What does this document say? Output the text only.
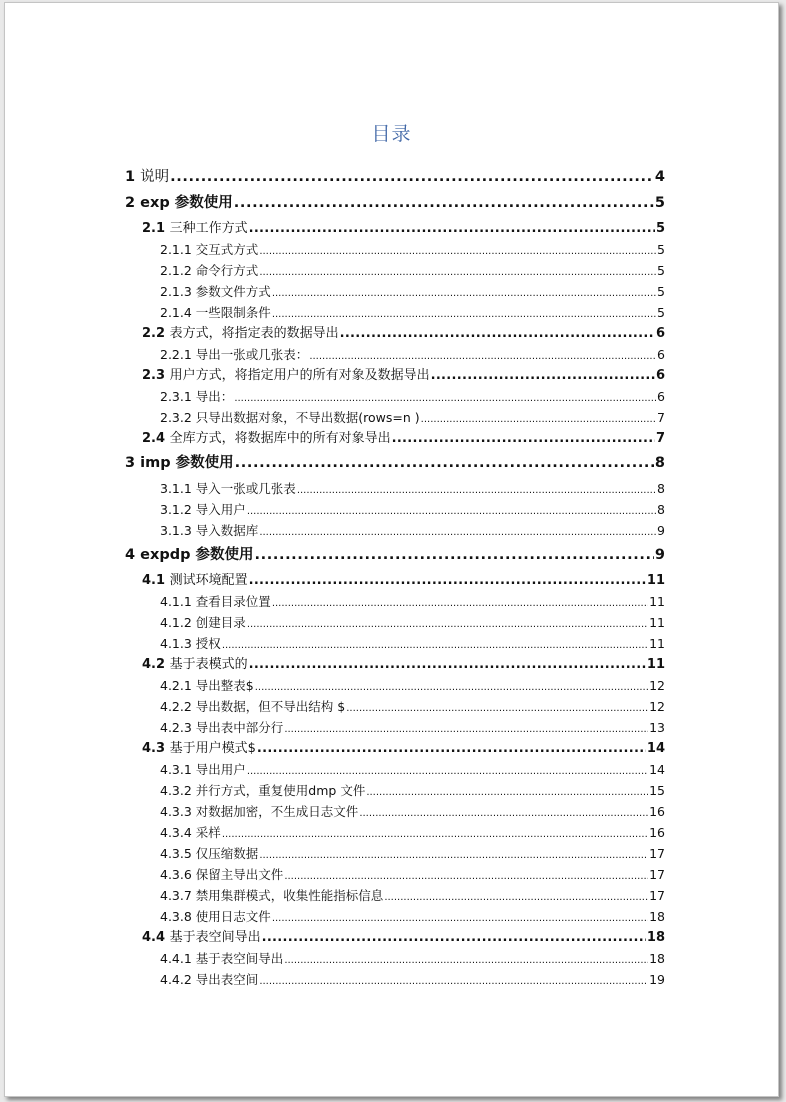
目录
1 说明 .....	4
2 exp 参数使用 .....	5
2.1 三种工作方式 .....	5
2.1.1 交互式方式 .....	5
2.1.2 命令行方式 .....	5
2.1.3 参数文件方式 .....	5
2.1.4 一些限制条件 .....	5
2.2 表方式，将指定表的数据导出 .....	6
2.2.1 导出一张或几张表： .....	6
2.3 用户方式，将指定用户的所有对象及数据导出 .....	6
2.3.1 导出： .....	6
2.3.2 只导出数据对象，不导出数据(rows=n ) .....	7
2.4 全库方式，将数据库中的所有对象导出 .....	7
3 imp 参数使用 .....	8
3.1.1 导入一张或几张表 .....	8
3.1.2 导入用户 .....	8
3.1.3 导入数据库 .....	9
4 expdp 参数使用 .....	9
4.1 测试环境配置 .....	11
4.1.1 查看目录位置 .....	11
4.1.2 创建目录 .....	11
4.1.3 授权 .....	11
4.2 基于表模式的 .....	11
4.2.1 导出整表$ .....	12
4.2.2 导出数据，但不导出结构 $ .....	12
4.2.3 导出表中部分行 .....	13
4.3 基于用户模式$ .....	14
4.3.1 导出用户 .....	14
4.3.2 并行方式，重复使用dmp 文件 .....	15
4.3.3 对数据加密，不生成日志文件 .....	16
4.3.4 采样 .....	16
4.3.5 仅压缩数据 .....	17
4.3.6 保留主导出文件 .....	17
4.3.7 禁用集群模式，收集性能指标信息 .....	17
4.3.8 使用日志文件 .....	18
4.4 基于表空间导出 .....	18
4.4.1 基于表空间导出 .....	18
4.4.2 导出表空间 .....	19
